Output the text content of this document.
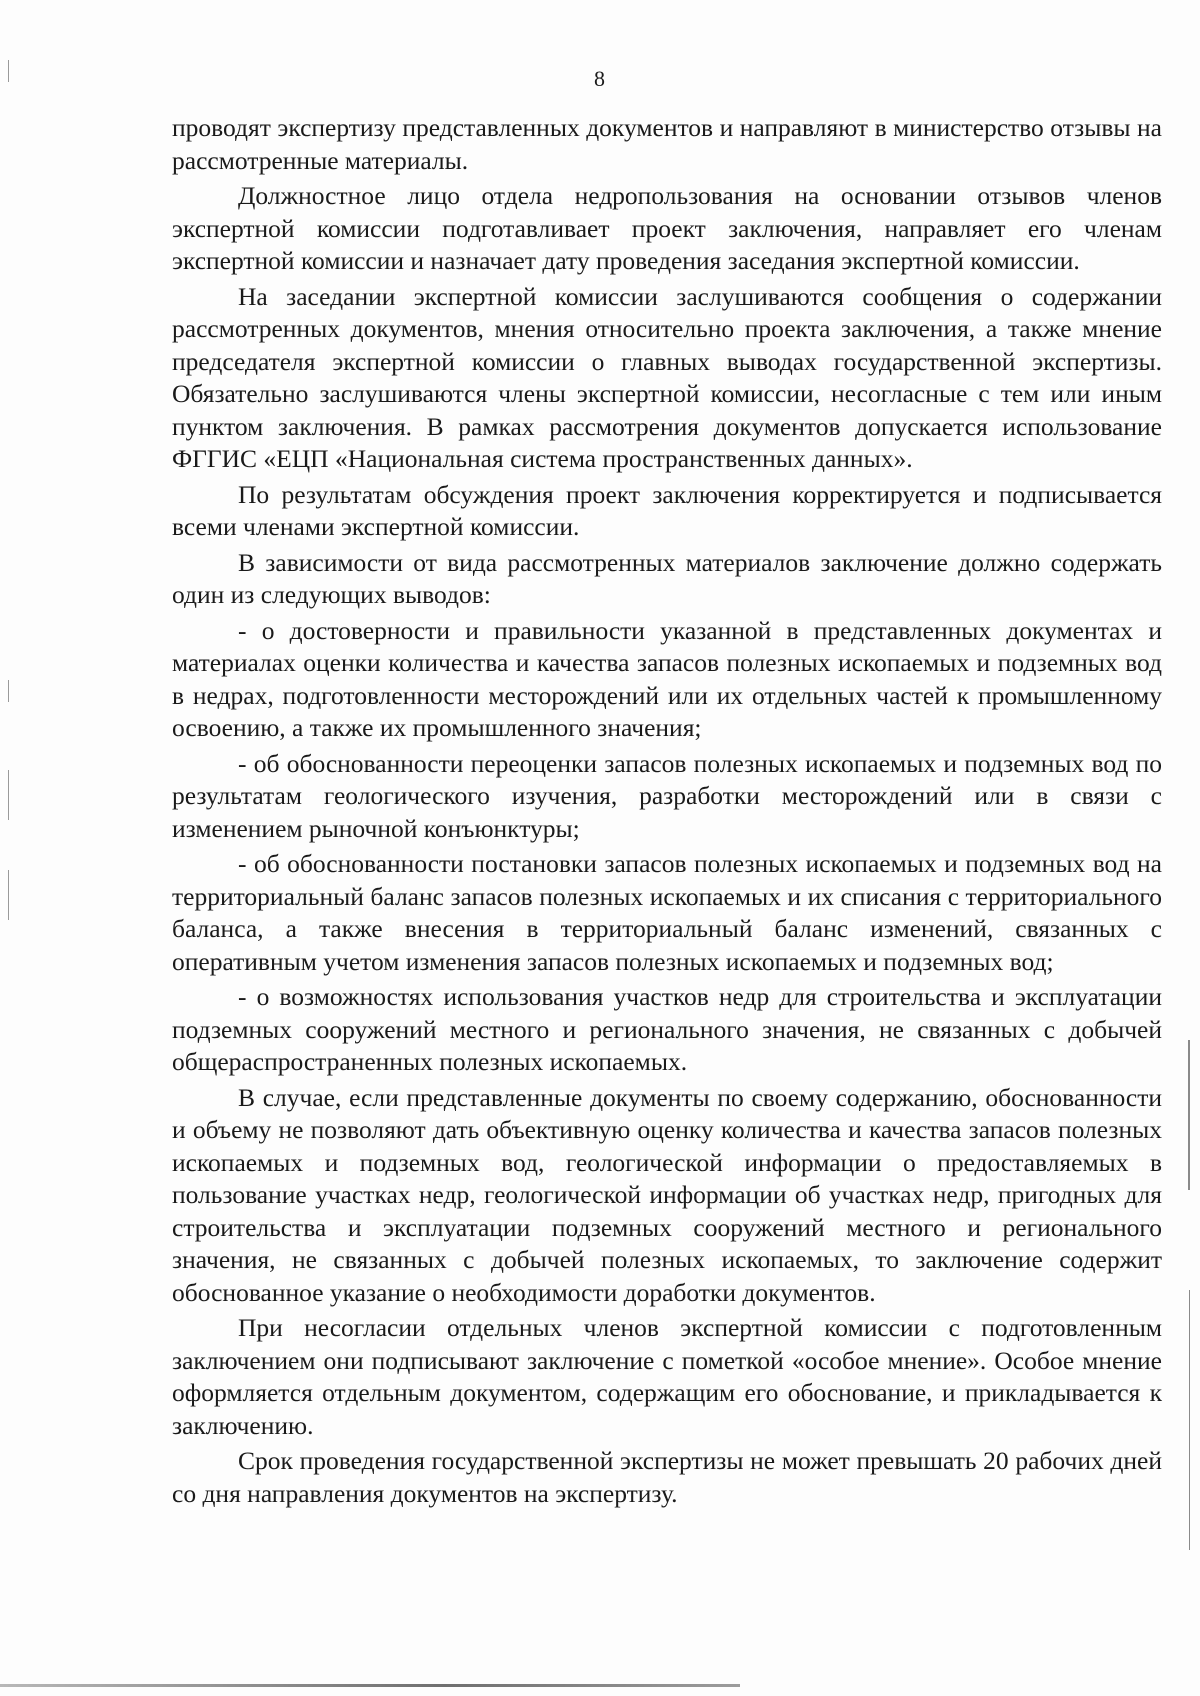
8

проводят экспертизу представленных документов и направляют в министерство отзывы на рассмотренные материалы.

Должностное лицо отдела недропользования на основании отзывов членов экспертной комиссии подготавливает проект заключения, направляет его членам экспертной комиссии и назначает дату проведения заседания экспертной комиссии.

На заседании экспертной комиссии заслушиваются сообщения о содержании рассмотренных документов, мнения относительно проекта заключения, а также мнение председателя экспертной комиссии о главных выводах государственной экспертизы. Обязательно заслушиваются члены экспертной комиссии, несогласные с тем или иным пунктом заключения. В рамках рассмотрения документов допускается использование ФГГИС «ЕЦП «Национальная система пространственных данных».

По результатам обсуждения проект заключения корректируется и подписывается всеми членами экспертной комиссии.

В зависимости от вида рассмотренных материалов заключение должно содержать один из следующих выводов:

- о достоверности и правильности указанной в представленных документах и материалах оценки количества и качества запасов полезных ископаемых и подземных вод в недрах, подготовленности месторождений или их отдельных частей к промышленному освоению, а также их промышленного значения;

- об обоснованности переоценки запасов полезных ископаемых и подземных вод по результатам геологического изучения, разработки месторождений или в связи с изменением рыночной конъюнктуры;

- об обоснованности постановки запасов полезных ископаемых и подземных вод на территориальный баланс запасов полезных ископаемых и их списания с территориального баланса, а также внесения в территориальный баланс изменений, связанных с оперативным учетом изменения запасов полезных ископаемых и подземных вод;

- о возможностях использования участков недр для строительства и эксплуатации подземных сооружений местного и регионального значения, не связанных с добычей общераспространенных полезных ископаемых.

В случае, если представленные документы по своему содержанию, обоснованности и объему не позволяют дать объективную оценку количества и качества запасов полезных ископаемых и подземных вод, геологической информации о предоставляемых в пользование участках недр, геологической информации об участках недр, пригодных для строительства и эксплуатации подземных сооружений местного и регионального значения, не связанных с добычей полезных ископаемых, то заключение содержит обоснованное указание о необходимости доработки документов.

При несогласии отдельных членов экспертной комиссии с подготовленным заключением они подписывают заключение с пометкой «особое мнение». Особое мнение оформляется отдельным документом, содержащим его обоснование, и прикладывается к заключению.

Срок проведения государственной экспертизы не может превышать 20 рабочих дней со дня направления документов на экспертизу.
